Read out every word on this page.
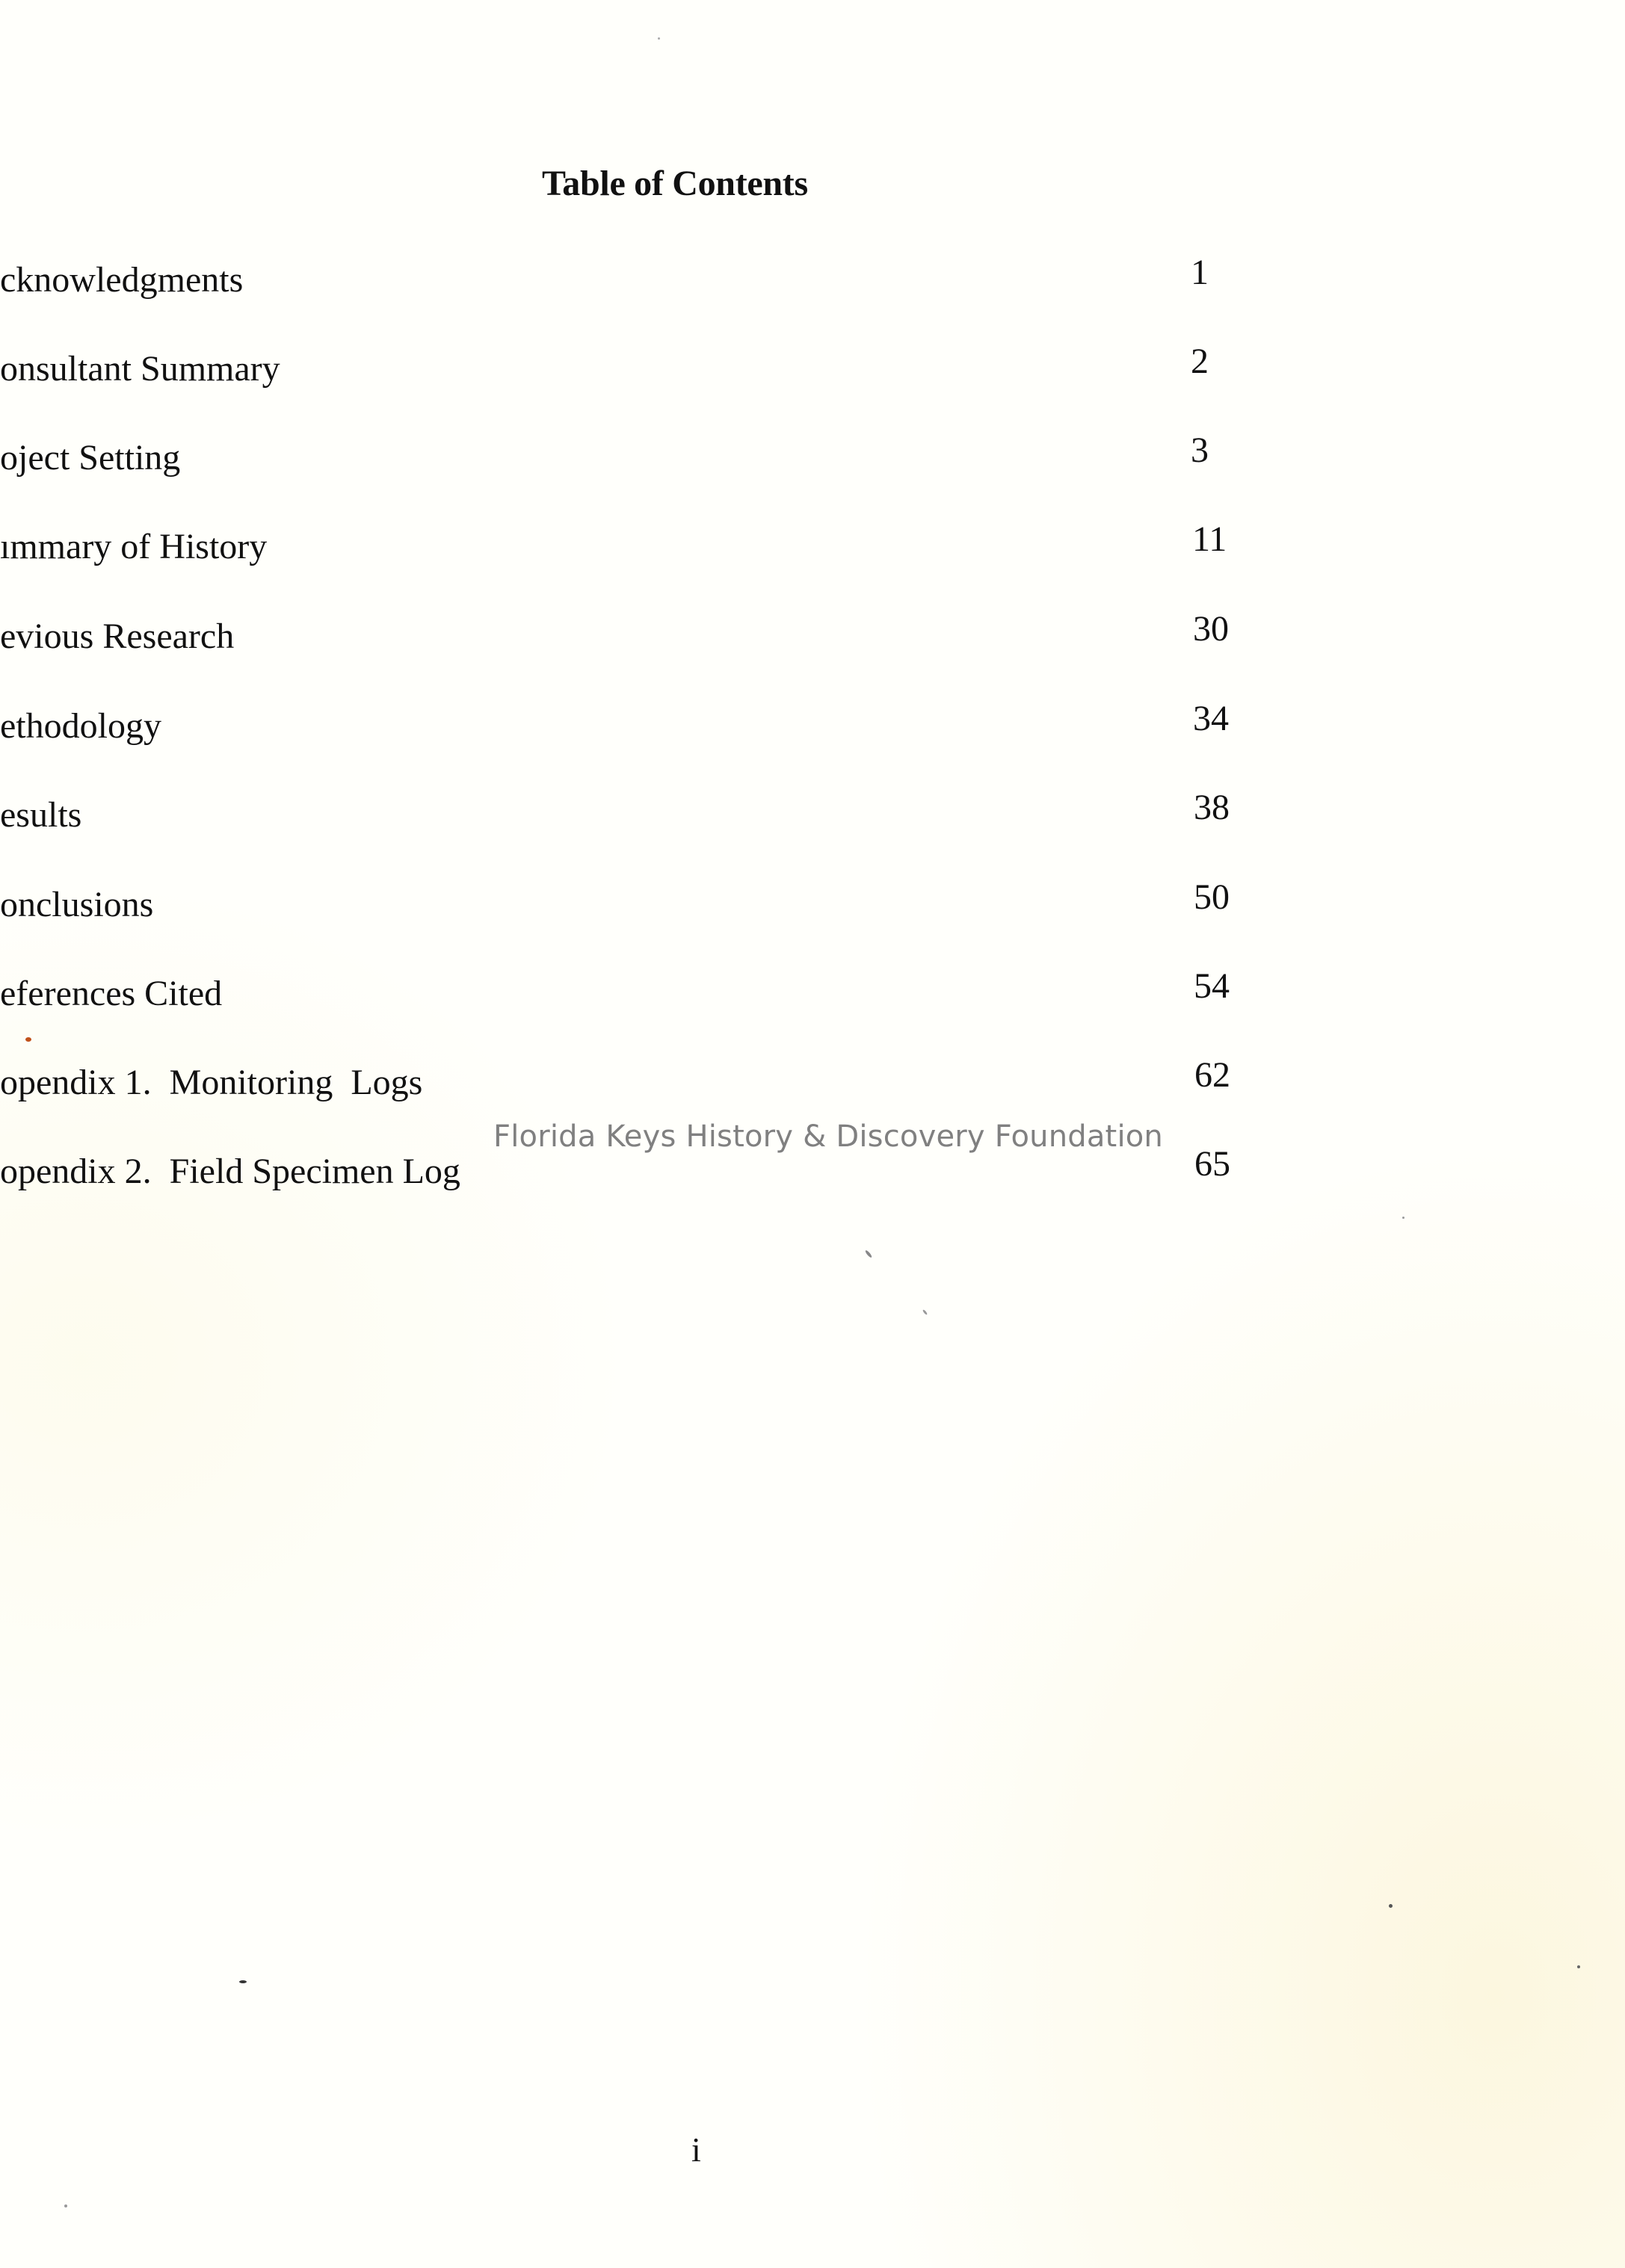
Table of Contents
cknowledgments	1
onsultant Summary	2
oject Setting	3
ımmary of History	11
evious Research	30
ethodology	34
esults	38
onclusions	50
eferences Cited	54
opendix 1.  Monitoring  Logs	62
opendix 2.  Field Specimen Log	65
Florida Keys History & Discovery Foundation
i
